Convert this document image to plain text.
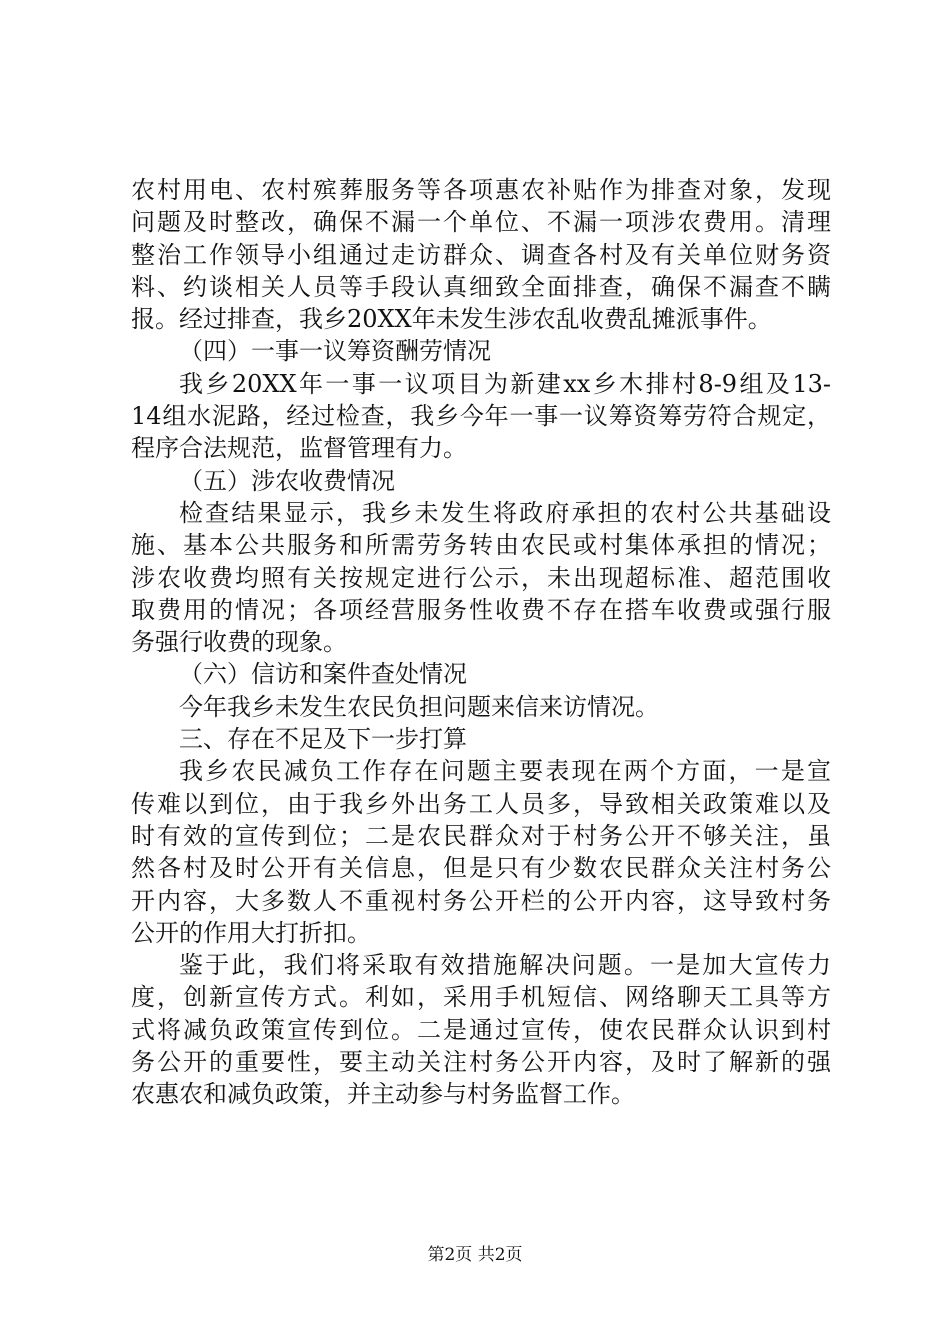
农村用电、农村殡葬服务等各项惠农补贴作为排查对象，发现
问题及时整改，确保不漏一个单位、不漏一项涉农费用。清理
整治工作领导小组通过走访群众、调查各村及有关单位财务资
料、约谈相关人员等手段认真细致全面排查，确保不漏查不瞒
报。经过排查，我乡20XX年未发生涉农乱收费乱摊派事件。
（四）一事一议筹资酬劳情况
我乡20XX年一事一议项目为新建xx乡木排村8-9组及13-
14组水泥路，经过检查，我乡今年一事一议筹资筹劳符合规定，
程序合法规范，监督管理有力。
（五）涉农收费情况
检查结果显示，我乡未发生将政府承担的农村公共基础设
施、基本公共服务和所需劳务转由农民或村集体承担的情况；
涉农收费均照有关按规定进行公示，未出现超标准、超范围收
取费用的情况；各项经营服务性收费不存在搭车收费或强行服
务强行收费的现象。
（六）信访和案件查处情况
今年我乡未发生农民负担问题来信来访情况。
三、存在不足及下一步打算
我乡农民减负工作存在问题主要表现在两个方面，一是宣
传难以到位，由于我乡外出务工人员多，导致相关政策难以及
时有效的宣传到位；二是农民群众对于村务公开不够关注，虽
然各村及时公开有关信息，但是只有少数农民群众关注村务公
开内容，大多数人不重视村务公开栏的公开内容，这导致村务
公开的作用大打折扣。
鉴于此，我们将采取有效措施解决问题。一是加大宣传力
度，创新宣传方式。利如，采用手机短信、网络聊天工具等方
式将减负政策宣传到位。二是通过宣传，使农民群众认识到村
务公开的重要性，要主动关注村务公开内容，及时了解新的强
农惠农和减负政策，并主动参与村务监督工作。
第2页 共2页
